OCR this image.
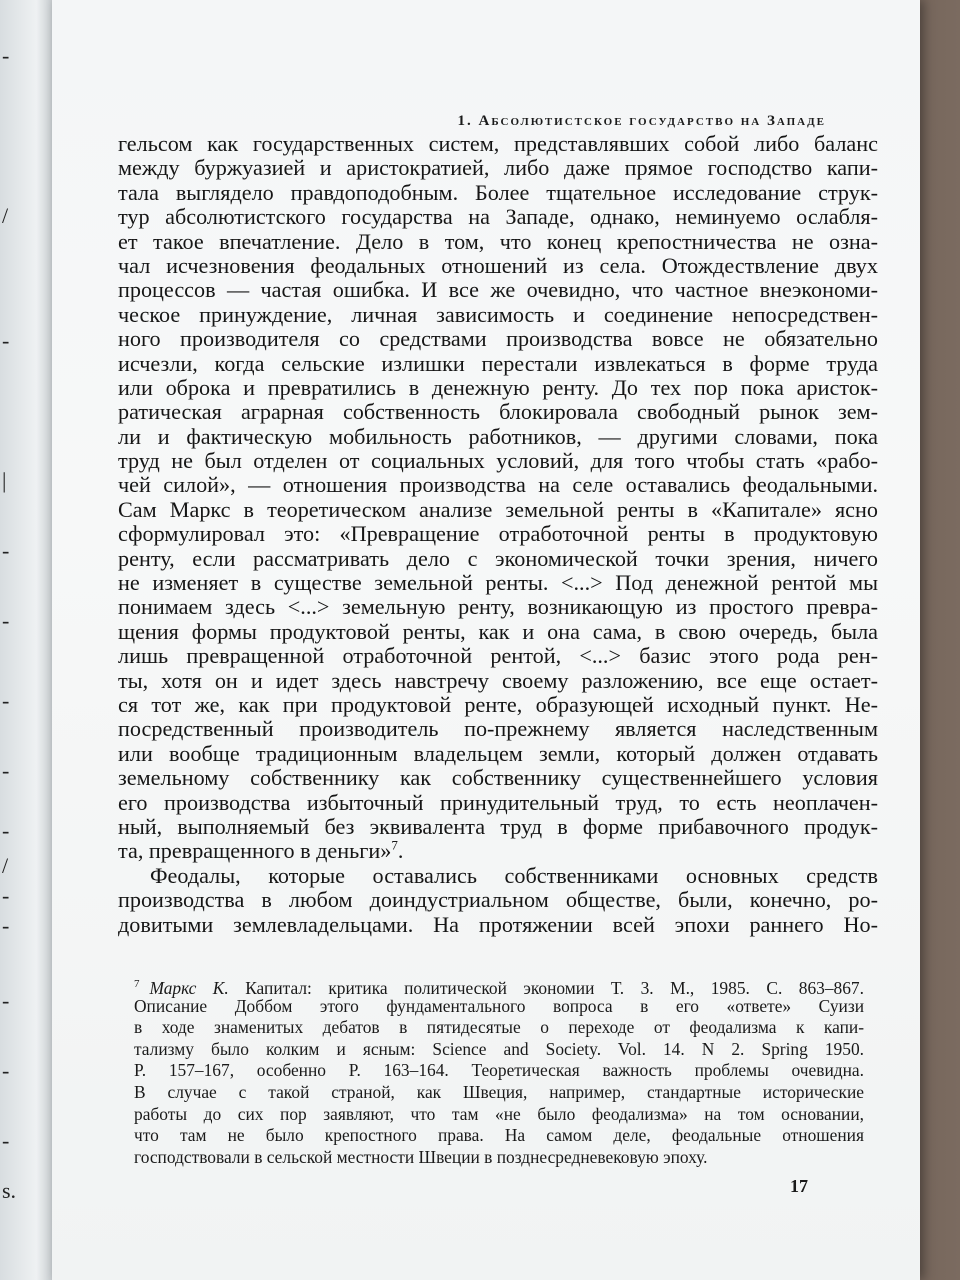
-
/
-
|
-
-
-
-
-
/
-
-
-
-
-
s.
1. Абсолютистское государство на Западе
гельсом как государственных систем, представлявших собой либо баланс
между буржуазией и аристократией, либо даже прямое господство капи-
тала выглядело правдоподобным. Более тщательное исследование струк-
тур абсолютистского государства на Западе, однако, неминуемо ослабля-
ет такое впечатление. Дело в том, что конец крепостничества не озна-
чал исчезновения феодальных отношений из села. Отождествление двух
процессов — частая ошибка. И все же очевидно, что частное внеэкономи-
ческое принуждение, личная зависимость и соединение непосредствен-
ного производителя со средствами производства вовсе не обязательно
исчезли, когда сельские излишки перестали извлекаться в форме труда
или оброка и превратились в денежную ренту. До тех пор пока аристок-
ратическая аграрная собственность блокировала свободный рынок зем-
ли и фактическую мобильность работников, — другими словами, пока
труд не был отделен от социальных условий, для того чтобы стать «рабо-
чей силой», — отношения производства на селе оставались феодальными.
Сам Маркс в теоретическом анализе земельной ренты в «Капитале» ясно
сформулировал это: «Превращение отработочной ренты в продуктовую
ренту, если рассматривать дело с экономической точки зрения, ничего
не изменяет в существе земельной ренты. <...> Под денежной рентой мы
понимаем здесь <...> земельную ренту, возникающую из простого превра-
щения формы продуктовой ренты, как и она сама, в свою очередь, была
лишь превращенной отработочной рентой, <...> базис этого рода рен-
ты, хотя он и идет здесь навстречу своему разложению, все еще остает-
ся тот же, как при продуктовой ренте, образующей исходный пункт. Не-
посредственный производитель по-прежнему является наследственным
или вообще традиционным владельцем земли, который должен отдавать
земельному собственнику как собственнику существеннейшего условия
его производства избыточный принудительный труд, то есть неоплачен-
ный, выполняемый без эквивалента труд в форме прибавочного продук-
та, превращенного в деньги»$^7$.
Феодалы, которые оставались собственниками основных средств
производства в любом доиндустриальном обществе, были, конечно, ро-
довитыми землевладельцами. На протяжении всей эпохи раннего Но-
$^7$ Маркс К. Капитал: критика политической экономии Т. 3. М., 1985. С. 863–867.
Описание Доббом этого фундаментального вопроса в его «ответе» Суизи
в ходе знаменитых дебатов в пятидесятые о переходе от феодализма к капи-
тализму было колким и ясным: Science and Society. Vol. 14. N 2. Spring 1950.
P. 157–167, особенно P. 163–164. Теоретическая важность проблемы очевидна.
В случае с такой страной, как Швеция, например, стандартные исторические
работы до сих пор заявляют, что там «не было феодализма» на том основании,
что там не было крепостного права. На самом деле, феодальные отношения
господствовали в сельской местности Швеции в позднесредневековую эпоху.
17
